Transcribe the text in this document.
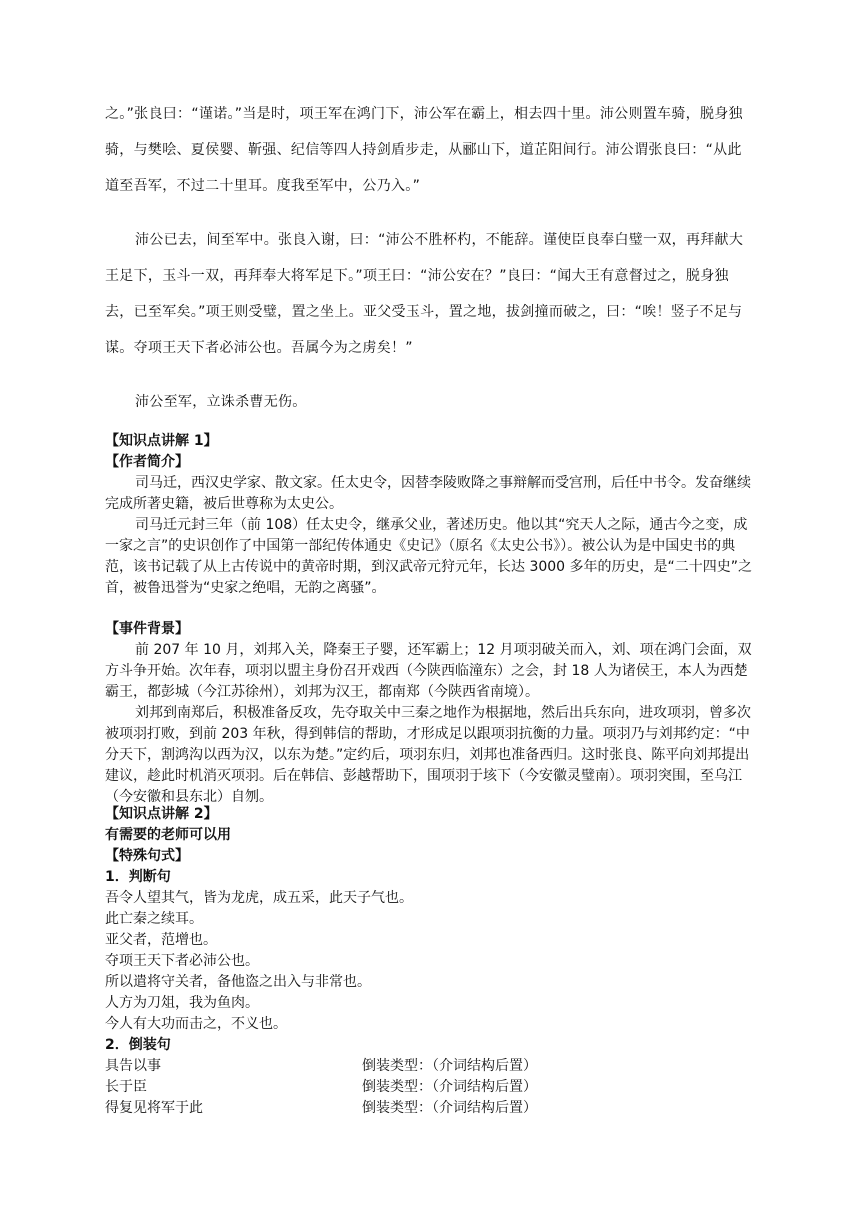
之。”张良曰：“谨诺。”当是时，项王军在鸿门下，沛公军在霸上，相去四十里。沛公则置车骑，脱身独骑，与樊哙、夏侯婴、靳强、纪信等四人持剑盾步走，从郦山下，道芷阳间行。沛公谓张良曰：“从此道至吾军，不过二十里耳。度我至军中，公乃入。”

沛公已去，间至军中。张良入谢，曰：“沛公不胜杯杓，不能辞。谨使臣良奉白璧一双，再拜献大王足下，玉斗一双，再拜奉大将军足下。”项王曰：“沛公安在？”良曰：“闻大王有意督过之，脱身独去，已至军矣。”项王则受璧，置之坐上。亚父受玉斗，置之地，拔剑撞而破之，曰：“唉！竖子不足与谋。夺项王天下者必沛公也。吾属今为之虏矣！”

沛公至军，立诛杀曹无伤。

【知识点讲解 1】
【作者简介】

司马迁，西汉史学家、散文家。任太史令，因替李陵败降之事辩解而受宫刑，后任中书令。发奋继续完成所著史籍，被后世尊称为太史公。

司马迁元封三年（前 108）任太史令，继承父业，著述历史。他以其“究天人之际，通古今之变，成一家之言”的史识创作了中国第一部纪传体通史《史记》（原名《太史公书》）。被公认为是中国史书的典范，该书记载了从上古传说中的黄帝时期，到汉武帝元狩元年，长达 3000 多年的历史，是“二十四史”之首，被鲁迅誉为“史家之绝唱，无韵之离骚”。

【事件背景】

前 207 年 10 月，刘邦入关，降秦王子婴，还军霸上；12 月项羽破关而入，刘、项在鸿门会面，双方斗争开始。次年春，项羽以盟主身份召开戏西（今陕西临潼东）之会，封 18 人为诸侯王，本人为西楚霸王，都彭城（今江苏徐州），刘邦为汉王，都南郑（今陕西省南境）。

刘邦到南郑后，积极准备反攻，先夺取关中三秦之地作为根据地，然后出兵东向，进攻项羽，曾多次被项羽打败，到前 203 年秋，得到韩信的帮助，才形成足以跟项羽抗衡的力量。项羽乃与刘邦约定：“中分天下，割鸿沟以西为汉，以东为楚。”定约后，项羽东归，刘邦也准备西归。这时张良、陈平向刘邦提出建议，趁此时机消灭项羽。后在韩信、彭越帮助下，围项羽于垓下（今安徽灵璧南）。项羽突围，至乌江（今安徽和县东北）自刎。

【知识点讲解 2】
有需要的老师可以用
【特殊句式】
1．判断句
吾令人望其气，皆为龙虎，成五采，此天子气也。
此亡秦之续耳。
亚父者，范增也。
夺项王天下者必沛公也。
所以遣将守关者，备他盗之出入与非常也。
人方为刀俎，我为鱼肉。
今人有大功而击之，不义也。
2．倒装句
具告以事	倒装类型：（介词结构后置）
长于臣	倒装类型：（介词结构后置）
得复见将军于此	倒装类型：（介词结构后置）
